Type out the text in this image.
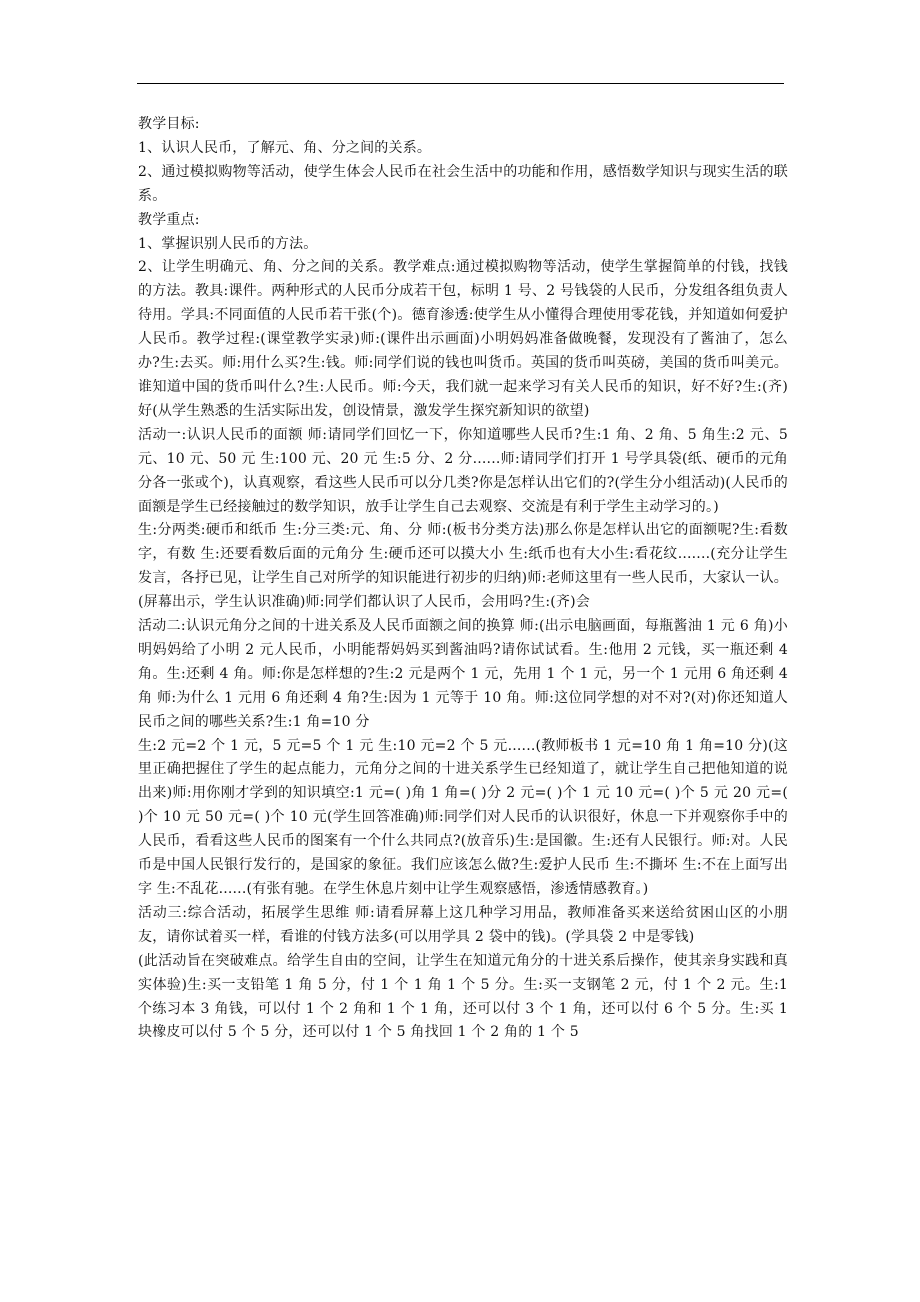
教学目标:

1、认识人民币，了解元、角、分之间的关系。

2、通过模拟购物等活动，使学生体会人民币在社会生活中的功能和作用，感悟数学知识与现实生活的联系。

教学重点:

1、掌握识别人民币的方法。

2、让学生明确元、角、分之间的关系。教学难点:通过模拟购物等活动，使学生掌握简单的付钱，找钱的方法。教具:课件。两种形式的人民币分成若干包，标明 1 号、2 号钱袋的人民币，分发组各组负责人待用。学具:不同面值的人民币若干张(个)。德育渗透:使学生从小懂得合理使用零花钱，并知道如何爱护人民币。教学过程:(课堂教学实录)师:(课件出示画面)小明妈妈准备做晚餐，发现没有了酱油了，怎么办?生:去买。师:用什么买?生:钱。师:同学们说的钱也叫货币。英国的货币叫英磅，美国的货币叫美元。谁知道中国的货币叫什么?生:人民币。师:今天，我们就一起来学习有关人民币的知识，好不好?生:(齐)好(从学生熟悉的生活实际出发，创设情景，激发学生探究新知识的欲望)

活动一:认识人民币的面额 师:请同学们回忆一下，你知道哪些人民币?生:1 角、2 角、5 角生:2 元、5 元、10 元、50 元 生:100 元、20 元 生:5 分、2 分......师:请同学们打开 1 号学具袋(纸、硬币的元角分各一张或个)，认真观察，看这些人民币可以分几类?你是怎样认出它们的?(学生分小组活动)(人民币的面额是学生已经接触过的数学知识，放手让学生自己去观察、交流是有利于学生主动学习的。)

生:分两类:硬币和纸币 生:分三类:元、角、分 师:(板书分类方法)那么你是怎样认出它的面额呢?生:看数字，有数 生:还要看数后面的元角分 生:硬币还可以摸大小 生:纸币也有大小生:看花纹.......(充分让学生发言，各抒已见，让学生自己对所学的知识能进行初步的归纳)师:老师这里有一些人民币，大家认一认。(屏幕出示，学生认识准确)师:同学们都认识了人民币，会用吗?生:(齐)会

活动二:认识元角分之间的十进关系及人民币面额之间的换算 师:(出示电脑画面，每瓶酱油 1 元 6 角)小明妈妈给了小明 2 元人民币，小明能帮妈妈买到酱油吗?请你试试看。生:他用 2 元钱，买一瓶还剩 4 角。生:还剩 4 角。师:你是怎样想的?生:2 元是两个 1 元，先用 1 个 1 元，另一个 1 元用 6 角还剩 4 角 师:为什么 1 元用 6 角还剩 4 角?生:因为 1 元等于 10 角。师:这位同学想的对不对?(对)你还知道人民币之间的哪些关系?生:1 角=10 分

生:2 元=2 个 1 元，5 元=5 个 1 元 生:10 元=2 个 5 元......(教师板书 1 元=10 角 1 角=10 分)(这里正确把握住了学生的起点能力，元角分之间的十进关系学生已经知道了，就让学生自己把他知道的说出来)师:用你刚才学到的知识填空:1 元=( )角 1 角=( )分 2 元=( )个 1 元 10 元=( )个 5 元 20 元=( )个 10 元 50 元=( )个 10 元(学生回答准确)师:同学们对人民币的认识很好，休息一下并观察你手中的人民币，看看这些人民币的图案有一个什么共同点?(放音乐)生:是国徽。生:还有人民银行。师:对。人民币是中国人民银行发行的，是国家的象征。我们应该怎么做?生:爱护人民币 生:不撕坏 生:不在上面写出字 生:不乱花......(有张有驰。在学生休息片刻中让学生观察感悟，渗透情感教育。)

活动三:综合活动，拓展学生思维 师:请看屏幕上这几种学习用品，教师准备买来送给贫困山区的小朋友，请你试着买一样，看谁的付钱方法多(可以用学具 2 袋中的钱)。(学具袋 2 中是零钱)

(此活动旨在突破难点。给学生自由的空间，让学生在知道元角分的十进关系后操作，使其亲身实践和真实体验)生:买一支铅笔 1 角 5 分，付 1 个 1 角 1 个 5 分。生:买一支钢笔 2 元，付 1 个 2 元。生:1 个练习本 3 角钱，可以付 1 个 2 角和 1 个 1 角，还可以付 3 个 1 角，还可以付 6 个 5 分。生:买 1 块橡皮可以付 5 个 5 分，还可以付 1 个 5 角找回 1 个 2 角的 1 个 5
